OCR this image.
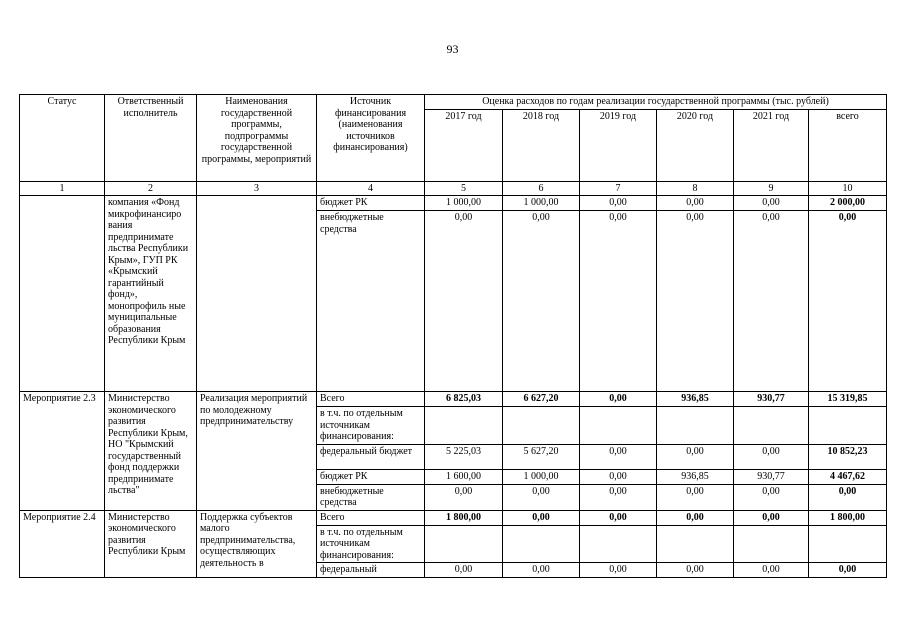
93
Статус	Ответственный исполнитель	Наименования государственной программы, подпрограммы государственной программы, мероприятий	Источник финансирования (наименования источников финансирования)	Оценка расходов по годам реализации государственной программы (тыс. рублей)					
				2017 год	2018 год	2019 год	2020 год	2021 год	всего
1	2	3	4	5	6	7	8	9	10
	компания «Фонд микрофинансиро вания предпринимате льства Республики Крым», ГУП РК «Крымский гарантийный фонд», монопрофиль ные муниципальные образования Республики Крым		бюджет РК	1 000,00	1 000,00	0,00	0,00	0,00	2 000,00
			внебюджетные средства	0,00	0,00	0,00	0,00	0,00	0,00
Мероприятие 2.3	Министерство экономического развития Республики Крым, НО "Крымский государственный фонд поддержки предпринимате льства"	Реализация мероприятий по молодежному предпринимательству	Всего	6 825,03	6 627,20	0,00	936,85	930,77	15 319,85
			в т.ч. по отдельным источникам финансирования:						
			федеральный бюджет	5 225,03	5 627,20	0,00	0,00	0,00	10 852,23
			бюджет РК	1 600,00	1 000,00	0,00	936,85	930,77	4 467,62
			внебюджетные средства	0,00	0,00	0,00	0,00	0,00	0,00
Мероприятие 2.4	Министерство экономического развития Республики Крым	Поддержка субъектов малого предпринимательства, осуществляющих деятельность в	Всего	1 800,00	0,00	0,00	0,00	0,00	1 800,00
			в т.ч. по отдельным источникам финансирования:						
			федеральный	0,00	0,00	0,00	0,00	0,00	0,00
